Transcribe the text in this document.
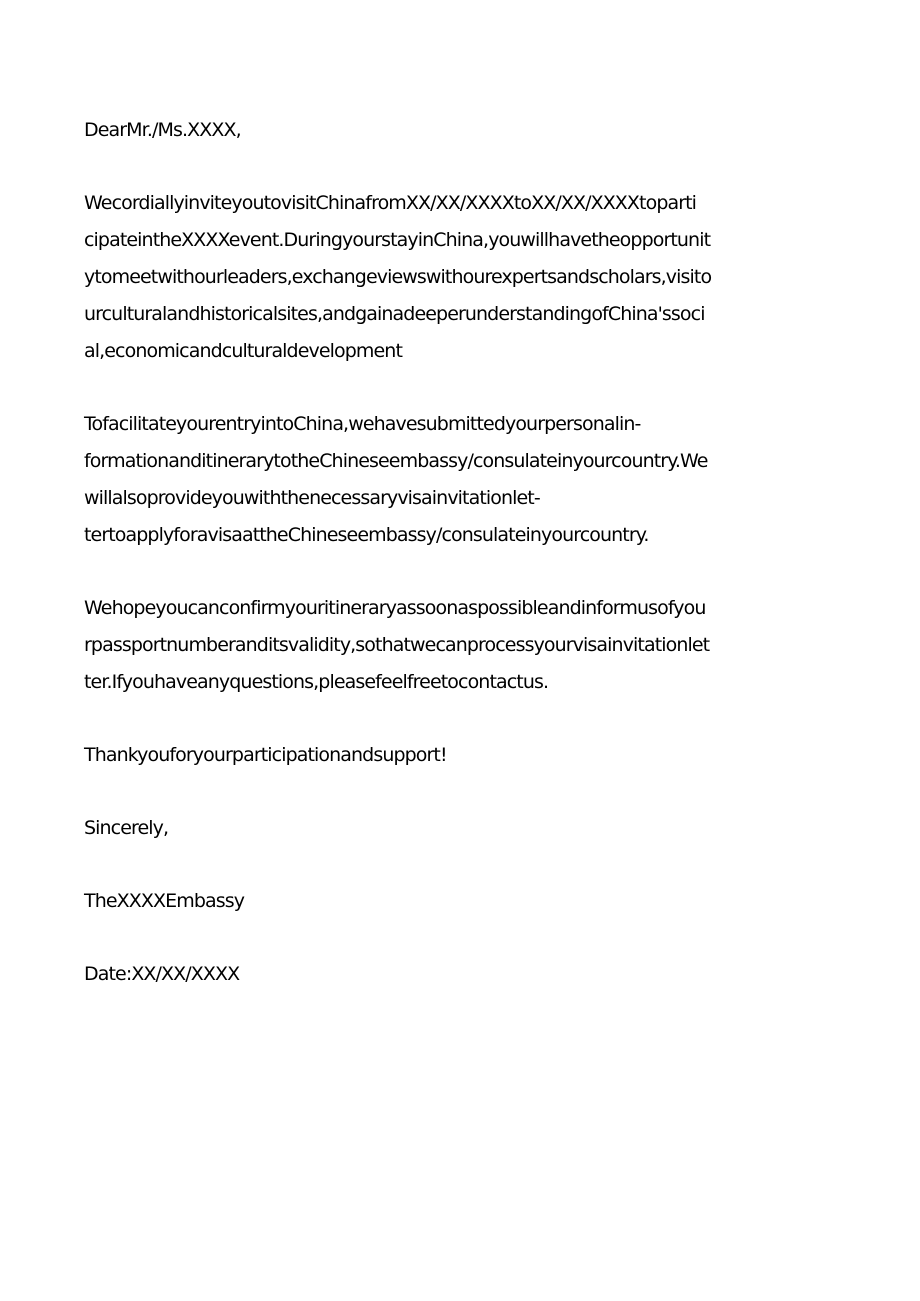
DearMr./Ms.XXXX,
WecordiallyinviteyoutovisitChinafromXX/XX/XXXXtoXX/XX/XXXXtoparti
cipateintheXXXXevent.DuringyourstayinChina,youwillhavetheopportunit
ytomeetwithourleaders,exchangeviewswithourexpertsandscholars,visito
urculturalandhistoricalsites,andgainadeeperunderstandingofChina'ssoci
al,economicandculturaldevelopment
TofacilitateyourentryintoChina,wehavesubmittedyourpersonalin-
formationanditinerarytotheChineseembassy/consulateinyourcountry.We
willalsoprovideyouwiththenecessaryvisainvitationlet-
tertoapplyforavisaattheChineseembassy/consulateinyourcountry.
Wehopeyoucanconfirmyouritineraryassoonaspossibleandinformusofyou
rpassportnumberanditsvalidity,sothatwecanprocessyourvisainvitationlet
ter.Ifyouhaveanyquestions,pleasefeelfreetocontactus.
Thankyouforyourparticipationandsupport!
Sincerely,
TheXXXXEmbassy
Date:XX/XX/XXXX
